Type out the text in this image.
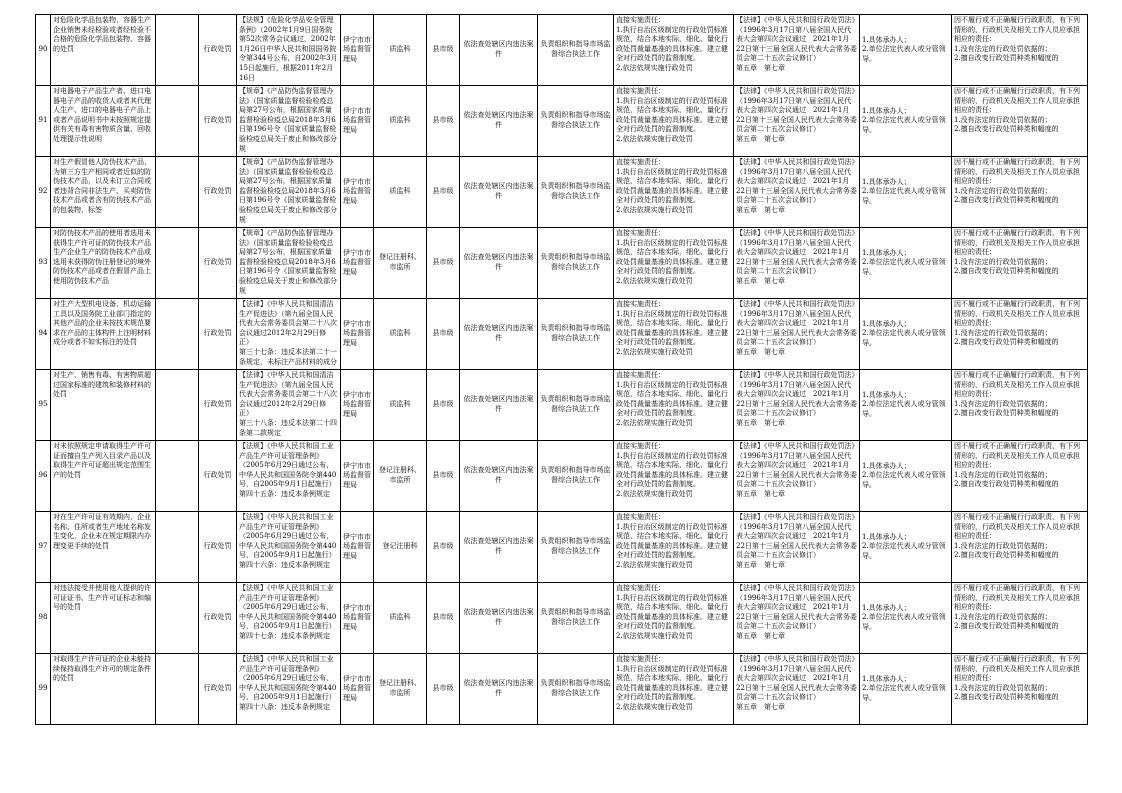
90	对危险化学品包装物、容器生产企业销售未经检验或者经检验不合格的危险化学品包装物、容器的处罚		行政处罚	【法规】《危险化学品安全管理条例》（2002年1月9日国务院第52次常务会议通过，2002年1月26日中华人民共和国国务院令第344号公布，自2002年3月15日起施行，根据2011年2月16日	伊宁市市场监督管理局	质监科	县市级	依法查处辖区内违法案件	负责组织和指导市场监督综合执法工作	直接实施责任：
1.执行自治区级制定的行政处罚标准规范，结合本地实际，细化、量化行政处罚裁量基准的具体标准。建立健全对行政处罚的监督制度。
2.依法依规实施行政处罚	【法律】《中华人民共和国行政处罚法》（1996年3月17日第八届全国人民代表大会第四次会议通过　2021年1月22日第十三届全国人民代表大会常务委员会第二十五次会议修订）
第五章　第七章	1.具体承办人；
2.单位法定代表人或分管领导。	因不履行或不正确履行行政职责，有下列情形的，行政机关及相关工作人员应承担相应的责任：
1.没有法定的行政处罚依据的；
2.擅自改变行政处罚种类和幅度的

91	对电器电子产品生产者、进口电器电子产品的收货人或者其代理人生产、进口的电器电子产品上或者产品说明书中未按照规定提供有关有毒有害物质含量、回收处理提示性说明		行政处罚	【规章】《产品防伪监督管理办法》（国家质量监督检验检疫总局第27号公布，根据国家质量监督检验检疫总局2018年3月6日第196号令《国家质量监督检验检疫总局关于废止和修改部分规	伊宁市市场监督管理局	质监科	县市级	依法查处辖区内违法案件	负责组织和指导市场监督综合执法工作	直接实施责任：
1.执行自治区级制定的行政处罚标准规范，结合本地实际，细化、量化行政处罚裁量基准的具体标准。建立健全对行政处罚的监督制度。
2.依法依规实施行政处罚	【法律】《中华人民共和国行政处罚法》（1996年3月17日第八届全国人民代表大会第四次会议通过　2021年1月22日第十三届全国人民代表大会常务委员会第二十五次会议修订）
第五章　第七章	1.具体承办人；
2.单位法定代表人或分管领导。	因不履行或不正确履行行政职责，有下列情形的，行政机关及相关工作人员应承担相应的责任：
1.没有法定的行政处罚依据的；
2.擅自改变行政处罚种类和幅度的

92	对生产假冒他人防伪技术产品，为第三方生产相同或者近似的防伪技术产品，以及未订立合同或者违背合同非法生产、买卖防伪技术产品或者含有防伪技术产品的包装物、标签		行政处罚	【规章】《产品防伪监督管理办法》（国家质量监督检验检疫总局第27号公布，根据国家质量监督检验检疫总局2018年3月6日第196号令《国家质量监督检验检疫总局关于废止和修改部分规	伊宁市市场监督管理局	质监科	县市级	依法查处辖区内违法案件	负责组织和指导市场监督综合执法工作	直接实施责任：
1.执行自治区级制定的行政处罚标准规范，结合本地实际，细化、量化行政处罚裁量基准的具体标准。建立健全对行政处罚的监督制度。
2.依法依规实施行政处罚	【法律】《中华人民共和国行政处罚法》（1996年3月17日第八届全国人民代表大会第四次会议通过　2021年1月22日第十三届全国人民代表大会常务委员会第二十五次会议修订）
第五章　第七章	1.具体承办人；
2.单位法定代表人或分管领导。	因不履行或不正确履行行政职责，有下列情形的，行政机关及相关工作人员应承担相应的责任：
1.没有法定的行政处罚依据的；
2.擅自改变行政处罚种类和幅度的

93	对防伪技术产品的使用者选用未获得生产许可证的防伪技术产品生产企业生产的防伪技术产品或选用未获得防伪注册登记的境外防伪技术产品或者在假冒产品上使用防伪技术产品		行政处罚	【规章】《产品防伪监督管理办法》（国家质量监督检验检疫总局第27号公布，根据国家质量监督检验检疫总局2018年3月6日第196号令《国家质量监督检验检疫总局关于废止和修改部分规	伊宁市市场监督管理局	登记注册科、市监所	县市级	依法查处辖区内违法案件	负责组织和指导市场监督综合执法工作	直接实施责任：
1.执行自治区级制定的行政处罚标准规范，结合本地实际，细化、量化行政处罚裁量基准的具体标准。建立健全对行政处罚的监督制度。
2.依法依规实施行政处罚	【法律】《中华人民共和国行政处罚法》（1996年3月17日第八届全国人民代表大会第四次会议通过　2021年1月22日第十三届全国人民代表大会常务委员会第二十五次会议修订）
第五章　第七章	1.具体承办人；
2.单位法定代表人或分管领导。	因不履行或不正确履行行政职责，有下列情形的，行政机关及相关工作人员应承担相应的责任：
1.没有法定的行政处罚依据的；
2.擅自改变行政处罚种类和幅度的

94	对生产大型机电设备、机动运输工具以及国务院工业部门指定的其他产品的企业未按技术规范要求在产品的主体构件上注明材料成分或者不如实标注的处罚		行政处罚	【法律】《中华人民共和国清洁生产促进法》（第九届全国人民代表大会常务委员会第二十八次会议通过2012年2月29日修正）
第三十七条：违反本法第二十一条规定，未标注产品材料的成分	伊宁市市场监督管理局	质监科	县市级	依法查处辖区内违法案件	负责组织和指导市场监督综合执法工作	直接实施责任：
1.执行自治区级制定的行政处罚标准规范，结合本地实际，细化、量化行政处罚裁量基准的具体标准。建立健全对行政处罚的监督制度。
2.依法依规实施行政处罚	【法律】《中华人民共和国行政处罚法》（1996年3月17日第八届全国人民代表大会第四次会议通过　2021年1月22日第十三届全国人民代表大会常务委员会第二十五次会议修订）
第五章　第七章	1.具体承办人；
2.单位法定代表人或分管领导。	因不履行或不正确履行行政职责，有下列情形的，行政机关及相关工作人员应承担相应的责任：
1.没有法定的行政处罚依据的；
2.擅自改变行政处罚种类和幅度的

95	对生产、销售有毒、有害物质超过国家标准的建筑和装修材料的处罚		行政处罚	【法律】《中华人民共和国清洁生产促进法》（第九届全国人民代表大会常务委员会第二十八次会议通过2012年2月29日修正）
第三十八条：违反本法第二十四条第二款规定	伊宁市市场监督管理局	质监科	县市级	依法查处辖区内违法案件	负责组织和指导市场监督综合执法工作	直接实施责任：
1.执行自治区级制定的行政处罚标准规范，结合本地实际，细化、量化行政处罚裁量基准的具体标准。建立健全对行政处罚的监督制度。
2.依法依规实施行政处罚	【法律】《中华人民共和国行政处罚法》（1996年3月17日第八届全国人民代表大会第四次会议通过　2021年1月22日第十三届全国人民代表大会常务委员会第二十五次会议修订）
第五章　第七章	1.具体承办人；
2.单位法定代表人或分管领导。	因不履行或不正确履行行政职责，有下列情形的，行政机关及相关工作人员应承担相应的责任：
1.没有法定的行政处罚依据的；
2.擅自改变行政处罚种类和幅度的

96	对未依照规定申请取得生产许可证而擅自生产列入目录产品以及取得生产许可证超出规定范围生产的处罚		行政处罚	【法规】《中华人民共和国工业产品生产许可证管理条例》（2005年6月29日通过公布，中华人民共和国国务院令第440号，自2005年9月1日起施行）
第四十五条：违反本条例规定	伊宁市市场监督管理局	登记注册科、市监所	县市级	依法查处辖区内违法案件	负责组织和指导市场监督综合执法工作	直接实施责任：
1.执行自治区级制定的行政处罚标准规范，结合本地实际，细化、量化行政处罚裁量基准的具体标准。建立健全对行政处罚的监督制度。
2.依法依规实施行政处罚	【法律】《中华人民共和国行政处罚法》（1996年3月17日第八届全国人民代表大会第四次会议通过　2021年1月22日第十三届全国人民代表大会常务委员会第二十五次会议修订）
第五章　第七章	1.具体承办人；
2.单位法定代表人或分管领导。	因不履行或不正确履行行政职责，有下列情形的，行政机关及相关工作人员应承担相应的责任：
1.没有法定的行政处罚依据的；
2.擅自改变行政处罚种类和幅度的

97	对在生产许可证有效期内，企业名称、住所或者生产地址名称发生变化，企业未在规定期限内办理变更手续的处罚		行政处罚	【法规】《中华人民共和国工业产品生产许可证管理条例》（2005年6月29日通过公布，中华人民共和国国务院令第440号，自2005年9月1日起施行）
第四十六条：违反本条例规定	伊宁市市场监督管理局	登记注册科	县市级	依法查处辖区内违法案件	负责组织和指导市场监督综合执法工作	直接实施责任：
1.执行自治区级制定的行政处罚标准规范，结合本地实际，细化、量化行政处罚裁量基准的具体标准。建立健全对行政处罚的监督制度。
2.依法依规实施行政处罚	【法律】《中华人民共和国行政处罚法》（1996年3月17日第八届全国人民代表大会第四次会议通过　2021年1月22日第十三届全国人民代表大会常务委员会第二十五次会议修订）
第五章　第七章	1.具体承办人；
2.单位法定代表人或分管领导。	因不履行或不正确履行行政职责，有下列情形的，行政机关及相关工作人员应承担相应的责任：
1.没有法定的行政处罚依据的；
2.擅自改变行政处罚种类和幅度的

98	对违法接受并使用他人提供的许可证证书、生产许可证标志和编号的处罚		行政处罚	【法规】《中华人民共和国工业产品生产许可证管理条例》（2005年6月29日通过公布，中华人民共和国国务院令第440号，自2005年9月1日起施行）
第四十七条：违反本条例规定	伊宁市市场监督管理局	质监科	县市级	依法查处辖区内违法案件	负责组织和指导市场监督综合执法工作	直接实施责任：
1.执行自治区级制定的行政处罚标准规范，结合本地实际，细化、量化行政处罚裁量基准的具体标准。建立健全对行政处罚的监督制度。
2.依法依规实施行政处罚	【法律】《中华人民共和国行政处罚法》（1996年3月17日第八届全国人民代表大会第四次会议通过　2021年1月22日第十三届全国人民代表大会常务委员会第二十五次会议修订）
第五章　第七章	1.具体承办人；
2.单位法定代表人或分管领导。	因不履行或不正确履行行政职责，有下列情形的，行政机关及相关工作人员应承担相应的责任：
1.没有法定的行政处罚依据的；
2.擅自改变行政处罚种类和幅度的

99	对取得生产许可证的企业未能持续保持取得生产许可的规定条件的处罚		行政处罚	【法规】《中华人民共和国工业产品生产许可证管理条例》（2005年6月29日通过公布，中华人民共和国国务院令第440号，自2005年9月1日起施行）
第四十八条：违反本条例规定	伊宁市市场监督管理局	登记注册科、市监所	县市级	依法查处辖区内违法案件	负责组织和指导市场监督综合执法工作	直接实施责任：
1.执行自治区级制定的行政处罚标准规范，结合本地实际，细化、量化行政处罚裁量基准的具体标准。建立健全对行政处罚的监督制度。
2.依法依规实施行政处罚	【法律】《中华人民共和国行政处罚法》（1996年3月17日第八届全国人民代表大会第四次会议通过　2021年1月22日第十三届全国人民代表大会常务委员会第二十五次会议修订）
第五章　第七章	1.具体承办人；
2.单位法定代表人或分管领导。	因不履行或不正确履行行政职责，有下列情形的，行政机关及相关工作人员应承担相应的责任：
1.没有法定的行政处罚依据的；
2.擅自改变行政处罚种类和幅度的
